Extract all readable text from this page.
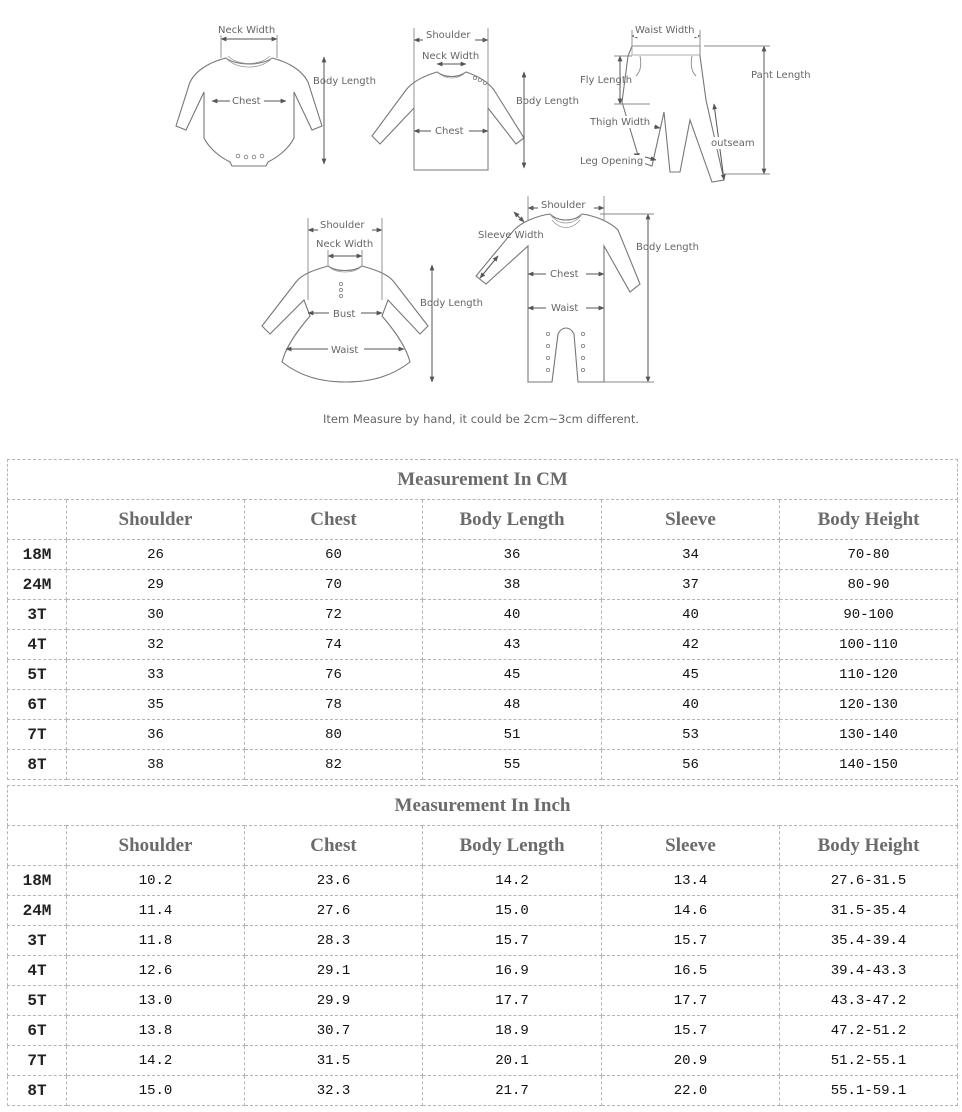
Neck Width
Chest
Body Length
Shoulder
Neck Width
Chest
Body Length
Waist Width
Fly Length	Pant Length
Thigh Width
outseam
Leg Opening
Shoulder
Neck Width
Bust
Waist
Body Length
Shoulder
Sleeve Width
Chest
Waist
Body Length
Item Measure by hand, it could be 2cm~3cm different.
Measurement In CM					
	Shoulder	Chest	Body Length	Sleeve	Body Height
18M	26	60	36	34	70-80
24M	29	70	38	37	80-90
3T	30	72	40	40	90-100
4T	32	74	43	42	100-110
5T	33	76	45	45	110-120
6T	35	78	48	40	120-130
7T	36	80	51	53	130-140
8T	38	82	55	56	140-150
Measurement In Inch					
	Shoulder	Chest	Body Length	Sleeve	Body Height
18M	10.2	23.6	14.2	13.4	27.6-31.5
24M	11.4	27.6	15.0	14.6	31.5-35.4
3T	11.8	28.3	15.7	15.7	35.4-39.4
4T	12.6	29.1	16.9	16.5	39.4-43.3
5T	13.0	29.9	17.7	17.7	43.3-47.2
6T	13.8	30.7	18.9	15.7	47.2-51.2
7T	14.2	31.5	20.1	20.9	51.2-55.1
8T	15.0	32.3	21.7	22.0	55.1-59.1
